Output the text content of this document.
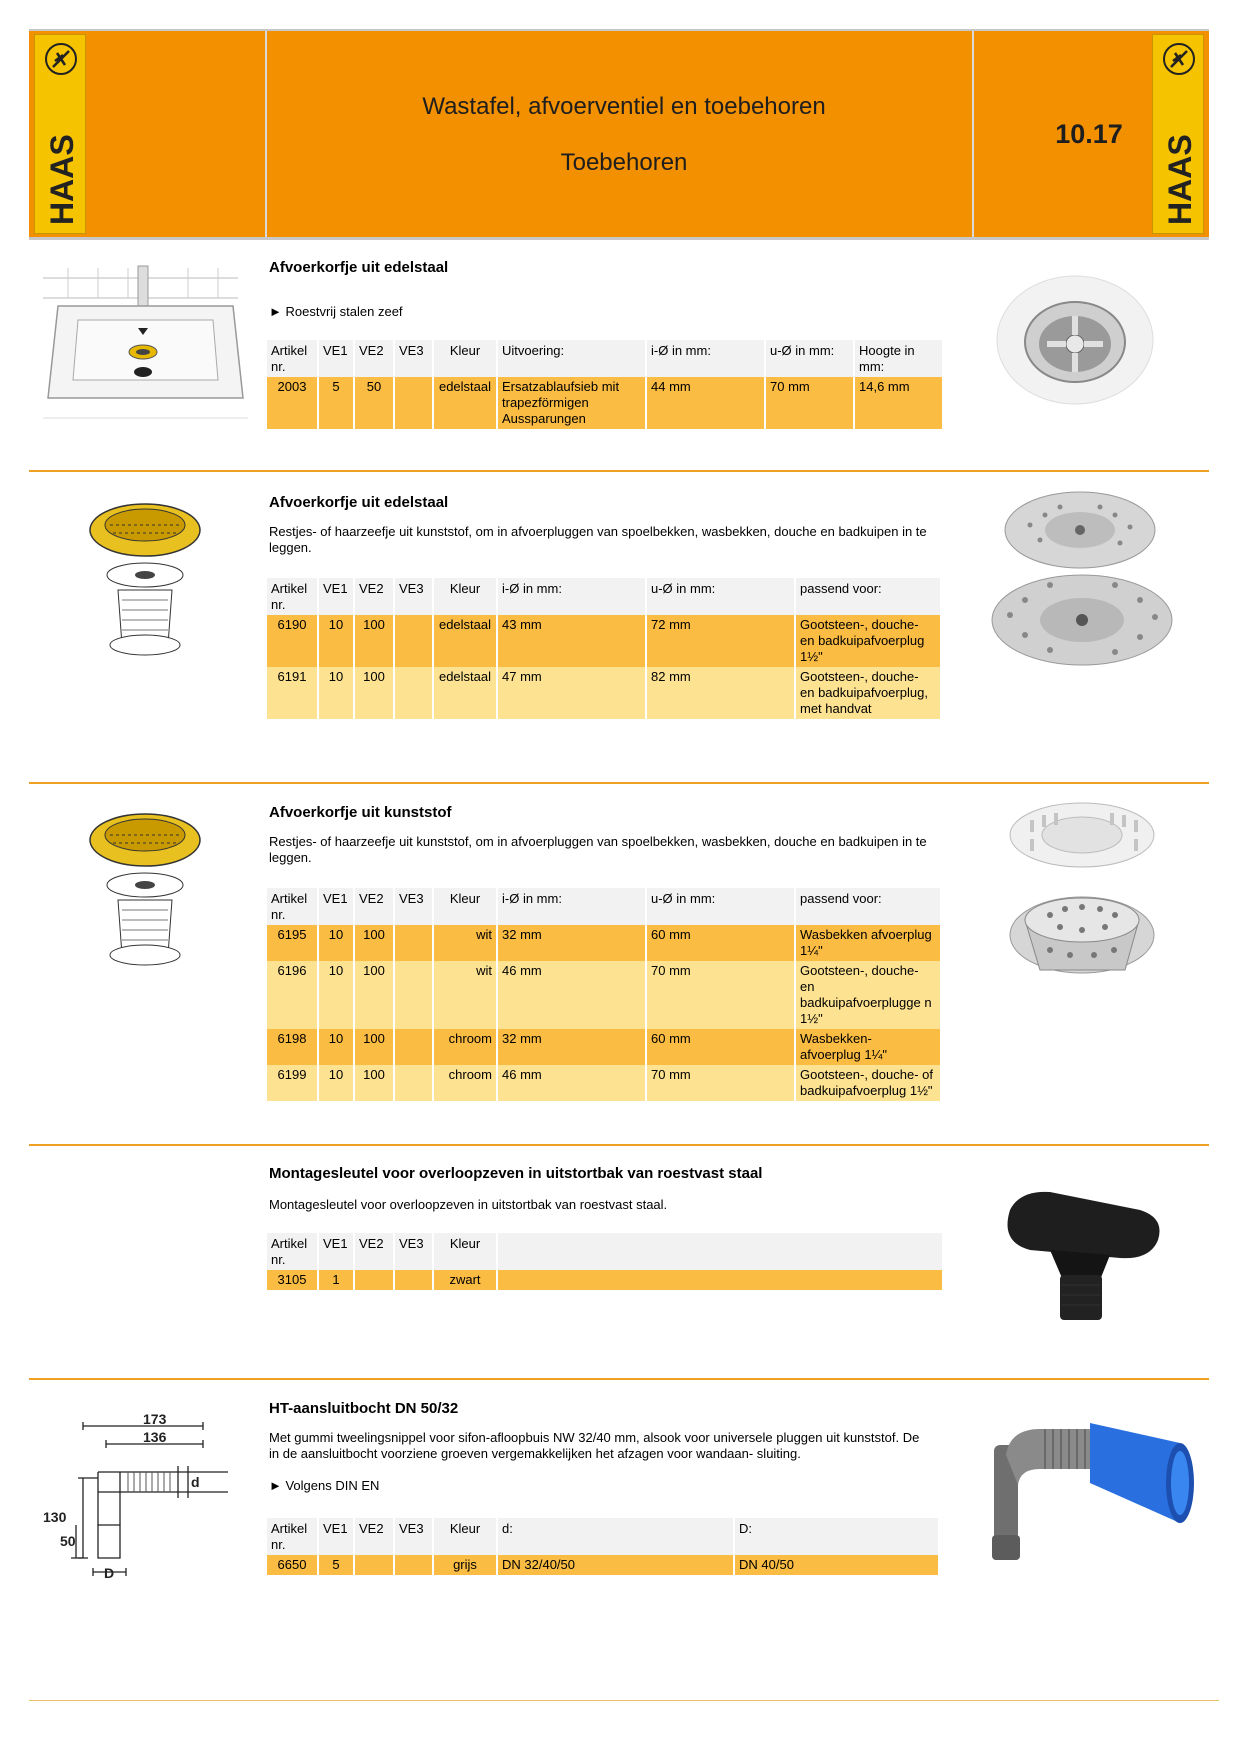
HAAS
Wastafel, afvoerventiel en toebehoren
Toebehoren
10.17
HAAS
Afvoerkorfje uit edelstaal
► Roestvrij stalen zeef
Artikel nr.	VE1	VE2	VE3	Kleur	Uitvoering:	i-Ø in mm:	u-Ø in mm:	Hoogte in mm:
2003	5	50		edelstaal	Ersatzablaufsieb mit trapezförmigen Aussparungen	44 mm	70 mm	14,6 mm
Afvoerkorfje uit edelstaal
Restjes- of haarzeefje uit kunststof, om in afvoerpluggen van spoelbekken, wasbekken, douche en badkuipen in te leggen.
Artikel nr.	VE1	VE2	VE3	Kleur	i-Ø in mm:	u-Ø in mm:	passend voor:
6190	10	100		edelstaal	43 mm	72 mm	Gootsteen-, douche- en badkuipafvoerplug 1½"
6191	10	100		edelstaal	47 mm	82 mm	Gootsteen-, douche- en badkuipafvoerplug, met handvat
Afvoerkorfje uit kunststof
Restjes- of haarzeefje uit kunststof, om in afvoerpluggen van spoelbekken, wasbekken, douche en badkuipen in te leggen.
Artikel nr.	VE1	VE2	VE3	Kleur	i-Ø in mm:	u-Ø in mm:	passend voor:
6195	10	100		wit	32 mm	60 mm	Wasbekken afvoerplug 1¼"
6196	10	100		wit	46 mm	70 mm	Gootsteen-, douche- en badkuipafvoerplugge n 1½"
6198	10	100		chroom	32 mm	60 mm	Wasbekken- afvoerplug 1¼"
6199	10	100		chroom	46 mm	70 mm	Gootsteen-, douche- of badkuipafvoerplug 1½"
Montagesleutel voor overloopzeven in uitstortbak van roestvast staal
Montagesleutel voor overloopzeven in uitstortbak van roestvast staal.
Artikel nr.	VE1	VE2	VE3	Kleur	
3105	1			zwart	
173
136
d
130
50
D
HT-aansluitbocht DN 50/32
Met gummi tweelingsnippel voor sifon-afloopbuis NW 32/40 mm, alsook voor universele pluggen uit kunststof. De in de aansluitbocht voorziene groeven vergemakkelijken het afzagen voor wandaan- sluiting.
► Volgens DIN EN
Artikel nr.	VE1	VE2	VE3	Kleur	d:	D:
6650	5			grijs	DN 32/40/50	DN 40/50
